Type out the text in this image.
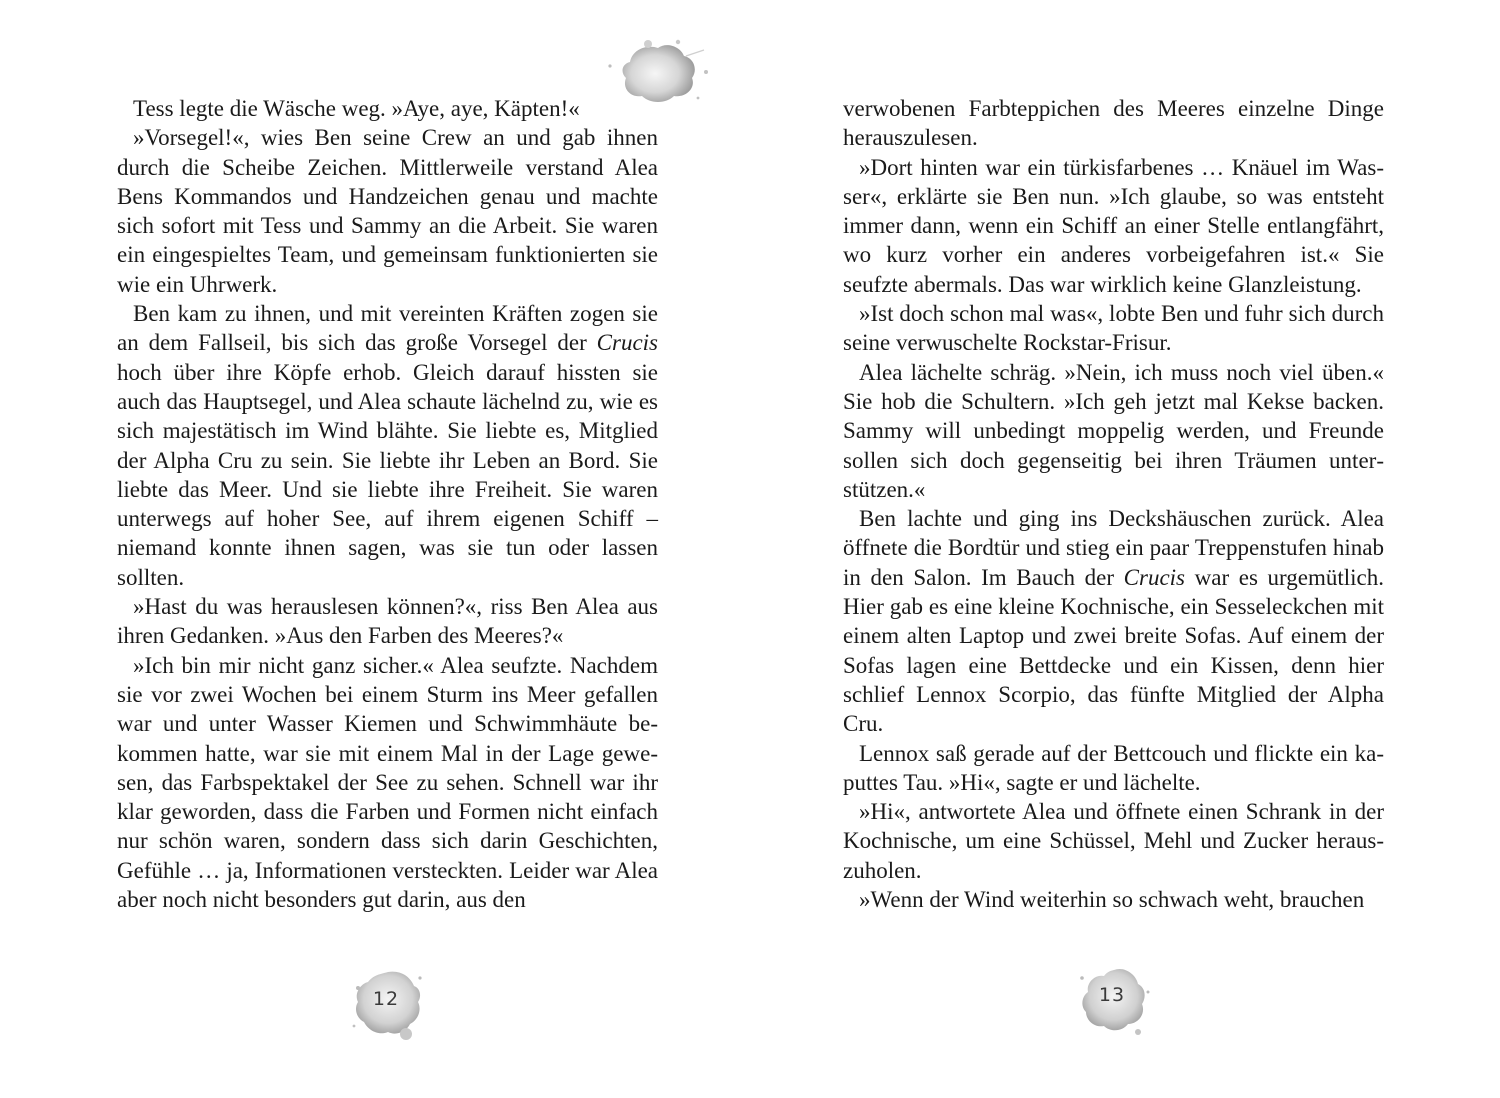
Tess legte die Wäsche weg. »Aye, aye, Käpten!«

»Vorsegel!«, wies Ben seine Crew an und gab ihnen durch die Scheibe Zeichen. Mittlerweile verstand Alea Bens Kommandos und Handzeichen genau und machte sich sofort mit Tess und Sammy an die Arbeit. Sie waren ein eingespieltes Team, und gemeinsam funktionierten sie wie ein Uhrwerk.

Ben kam zu ihnen, und mit vereinten Kräften zogen sie an dem Fallseil, bis sich das große Vorsegel der Crucis hoch über ihre Köpfe erhob. Gleich darauf hissten sie auch das Hauptsegel, und Alea schaute lächelnd zu, wie es sich majestätisch im Wind blähte. Sie liebte es, Mitglied der Alpha Cru zu sein. Sie liebte ihr Leben an Bord. Sie liebte das Meer. Und sie liebte ihre Freiheit. Sie waren unterwegs auf hoher See, auf ihrem eigenen Schiff – niemand konnte ihnen sagen, was sie tun oder lassen sollten.

»Hast du was herauslesen können?«, riss Ben Alea aus ihren Gedanken. »Aus den Farben des Meeres?«

»Ich bin mir nicht ganz sicher.« Alea seufzte. Nachdem sie vor zwei Wochen bei einem Sturm ins Meer gefallen war und unter Wasser Kiemen und Schwimmhäute bekommen hatte, war sie mit einem Mal in der Lage gewesen, das Farbspektakel der See zu sehen. Schnell war ihr klar geworden, dass die Farben und Formen nicht einfach nur schön waren, sondern dass sich darin Geschichten, Gefühle … ja, Informationen versteckten. Leider war Alea aber noch nicht besonders gut darin, aus den

12

verwobenen Farbteppichen des Meeres einzelne Dinge herauszulesen.

»Dort hinten war ein türkisfarbenes … Knäuel im Wasser«, erklärte sie Ben nun. »Ich glaube, so was entsteht immer dann, wenn ein Schiff an einer Stelle entlangfährt, wo kurz vorher ein anderes vorbeigefahren ist.« Sie seufzte abermals. Das war wirklich keine Glanzleistung.

»Ist doch schon mal was«, lobte Ben und fuhr sich durch seine verwuschelte Rockstar-Frisur.

Alea lächelte schräg. »Nein, ich muss noch viel üben.« Sie hob die Schultern. »Ich geh jetzt mal Kekse backen. Sammy will unbedingt moppelig werden, und Freunde sollen sich doch gegenseitig bei ihren Träumen unterstützen.«

Ben lachte und ging ins Deckshäuschen zurück. Alea öffnete die Bordtür und stieg ein paar Treppenstufen hinab in den Salon. Im Bauch der Crucis war es urgemütlich. Hier gab es eine kleine Kochnische, ein Sesseleckchen mit einem alten Laptop und zwei breite Sofas. Auf einem der Sofas lagen eine Bettdecke und ein Kissen, denn hier schlief Lennox Scorpio, das fünfte Mitglied der Alpha Cru.

Lennox saß gerade auf der Bettcouch und flickte ein kaputtes Tau. »Hi«, sagte er und lächelte.

»Hi«, antwortete Alea und öffnete einen Schrank in der Kochnische, um eine Schüssel, Mehl und Zucker herauszuholen.

»Wenn der Wind weiterhin so schwach weht, brauchen

13
